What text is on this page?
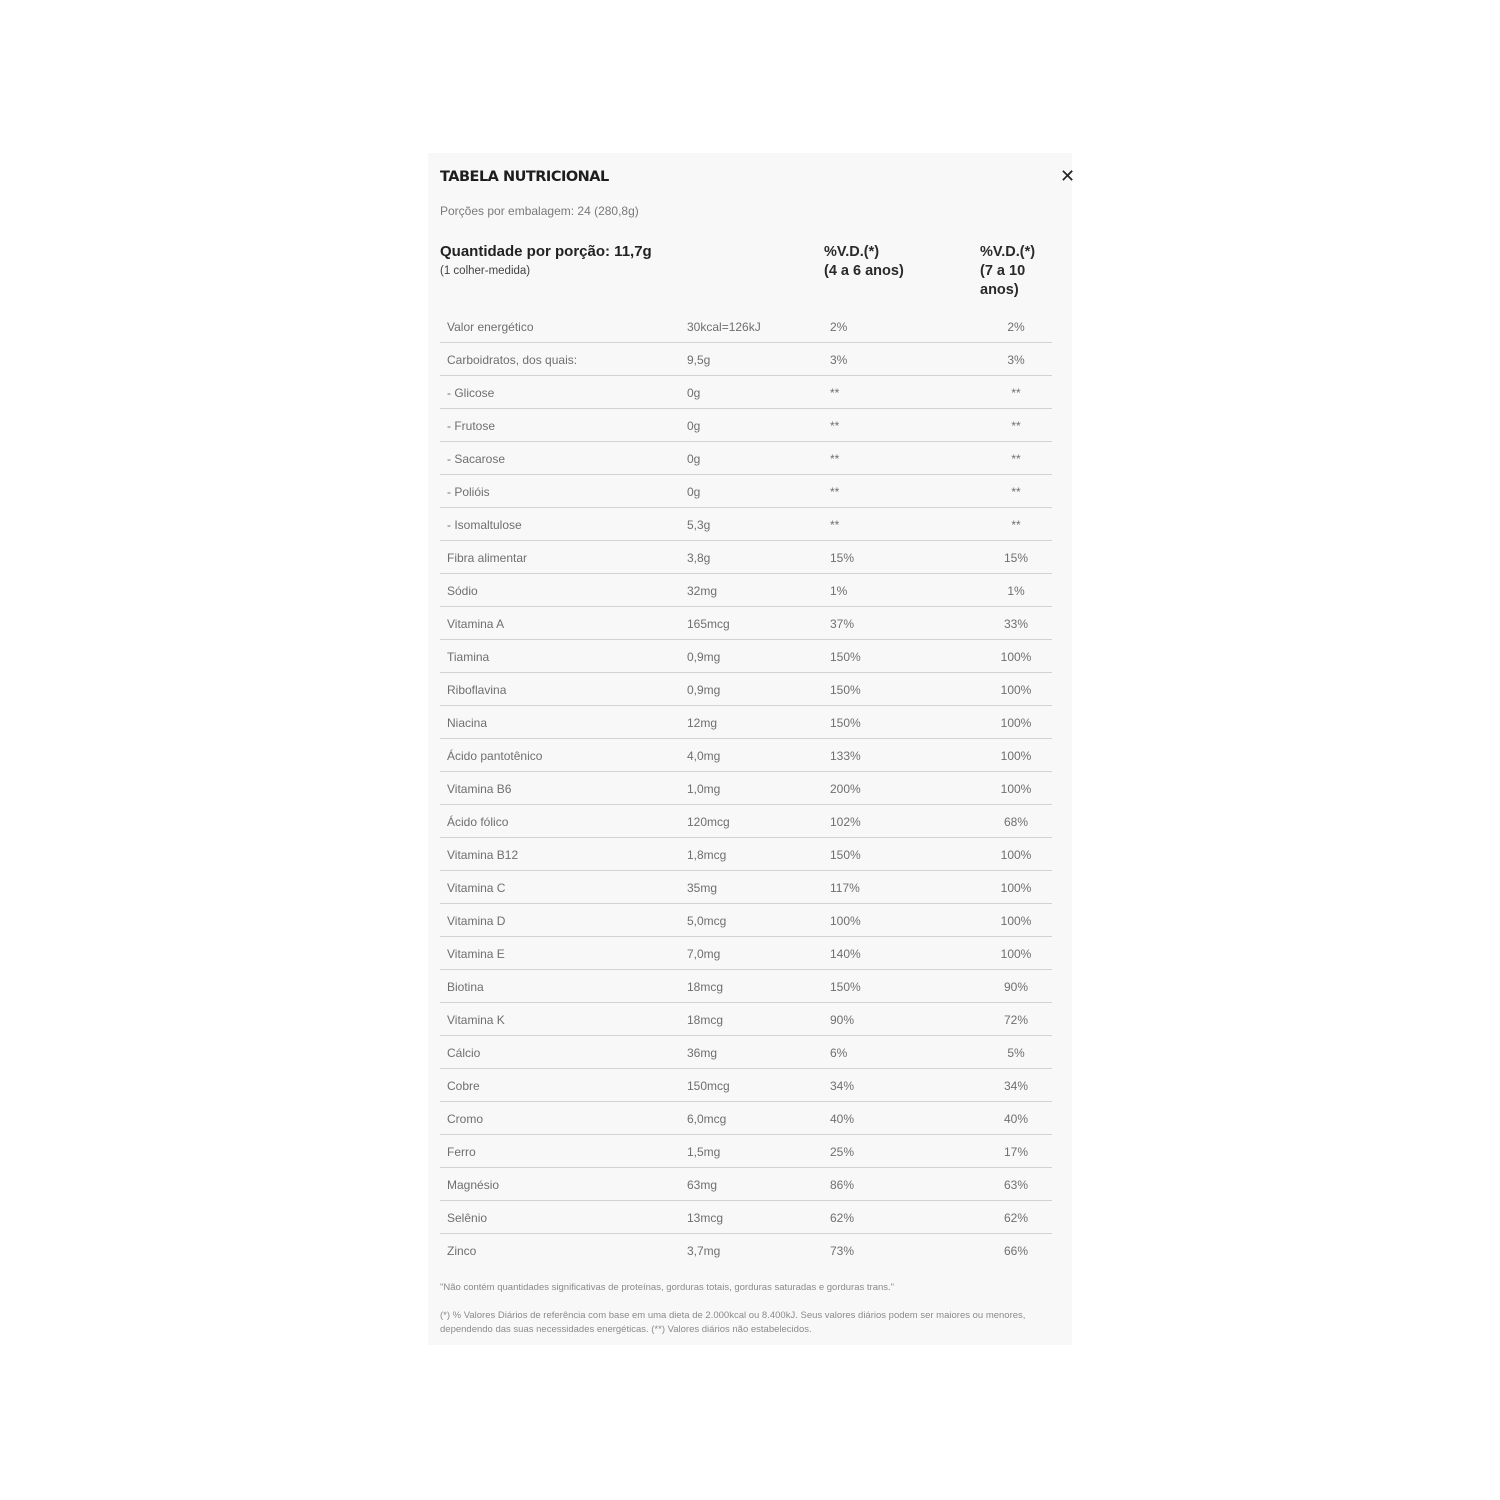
TABELA NUTRICIONAL	✕
Porções por embalagem: 24 (280,8g)
Quantidade por porção: 11,7g
(1 colher-medida)
%V.D.(*)
(4 a 6 anos)
%V.D.(*)
(7 a 10
anos)
Valor energético	30kcal=126kJ	2%	2%
Carboidratos, dos quais:	9,5g	3%	3%
- Glicose	0g	**	**
- Frutose	0g	**	**
- Sacarose	0g	**	**
- Polióis	0g	**	**
- Isomaltulose	5,3g	**	**
Fibra alimentar	3,8g	15%	15%
Sódio	32mg	1%	1%
Vitamina A	165mcg	37%	33%
Tiamina	0,9mg	150%	100%
Riboflavina	0,9mg	150%	100%
Niacina	12mg	150%	100%
Ácido pantotênico	4,0mg	133%	100%
Vitamina B6	1,0mg	200%	100%
Ácido fólico	120mcg	102%	68%
Vitamina B12	1,8mcg	150%	100%
Vitamina C	35mg	117%	100%
Vitamina D	5,0mcg	100%	100%
Vitamina E	7,0mg	140%	100%
Biotina	18mcg	150%	90%
Vitamina K	18mcg	90%	72%
Cálcio	36mg	6%	5%
Cobre	150mcg	34%	34%
Cromo	6,0mcg	40%	40%
Ferro	1,5mg	25%	17%
Magnésio	63mg	86%	63%
Selênio	13mcg	62%	62%
Zinco	3,7mg	73%	66%
"Não contém quantidades significativas de proteínas, gorduras totais, gorduras saturadas e gorduras trans."
(*) % Valores Diários de referência com base em uma dieta de 2.000kcal ou 8.400kJ. Seus valores diários podem ser maiores ou menores, dependendo das suas necessidades energéticas. (**) Valores diários não estabelecidos.
